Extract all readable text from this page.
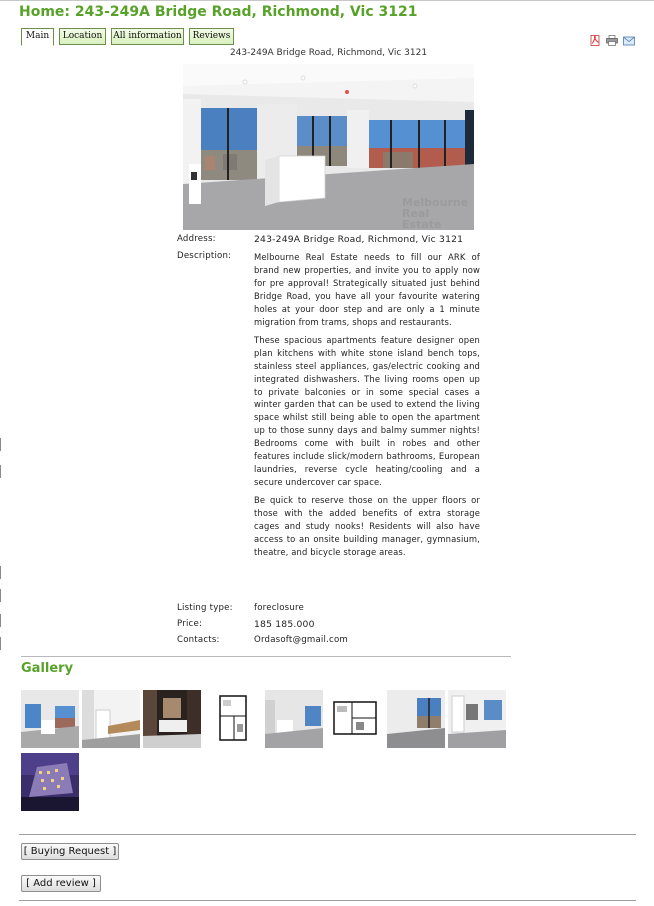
Home: 243-249A Bridge Road, Richmond, Vic 3121
Main	Location	All information	Reviews
243-249A Bridge Road, Richmond, Vic 3121
Melbourne
Real
Estate
Address:	243-249A Bridge Road, Richmond, Vic 3121
Description:	Melbourne Real Estate needs to fill our ARK of brand new properties, and invite you to apply now for pre approval! Strategically situated just behind Bridge Road, you have all your favourite watering holes at your door step and are only a 1 minute migration from trams, shops and restaurants.

These spacious apartments feature designer open plan kitchens with white stone island bench tops, stainless steel appliances, gas/electric cooking and integrated dishwashers. The living rooms open up to private balconies or in some special cases a winter garden that can be used to extend the living space whilst still being able to open the apartment up to those sunny days and balmy summer nights! Bedrooms come with built in robes and other features include slick/modern bathrooms, European laundries, reverse cycle heating/cooling and a secure undercover car space.

Be quick to reserve those on the upper floors or those with the added benefits of extra storage cages and study nooks! Residents will also have access to an onsite building manager, gymnasium, theatre, and bicycle storage areas.

Listing type: foreclosure
Price:	185 185.000
Contacts:	Ordasoft@gmail.com
Gallery
[ Buying Request ]
[ Add review ]
